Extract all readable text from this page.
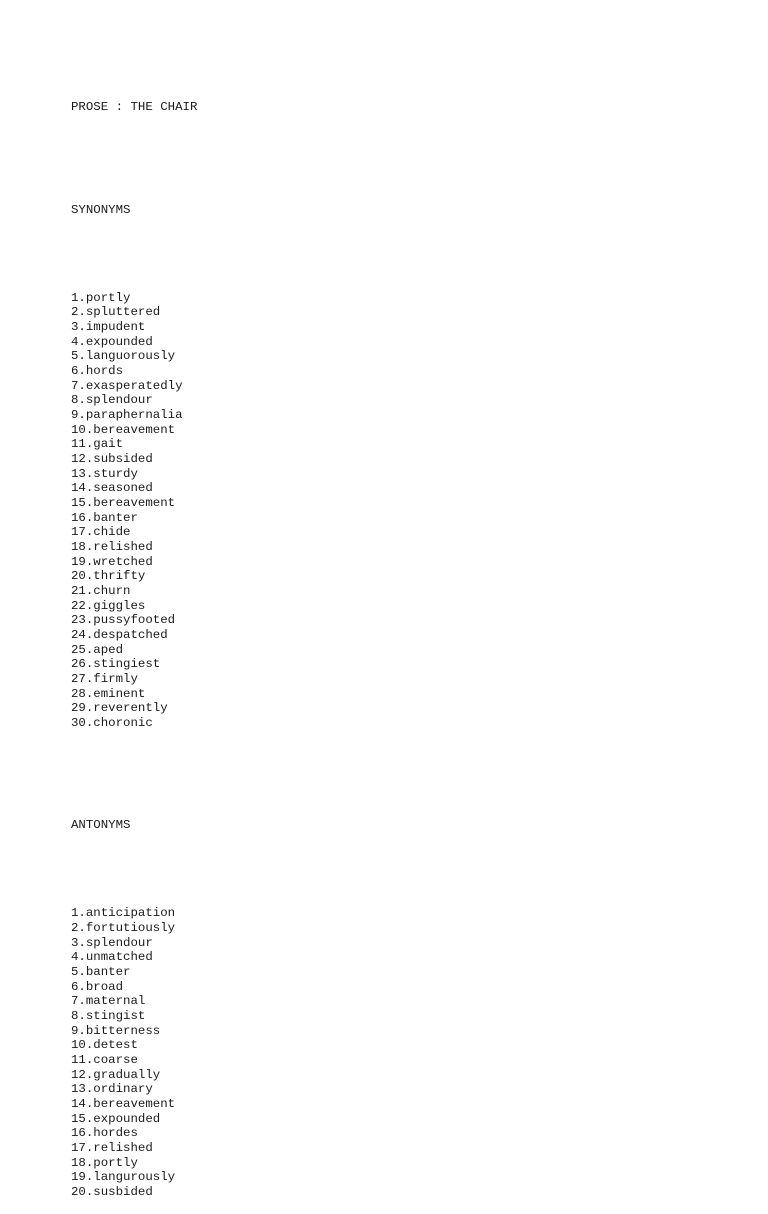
PROSE : THE CHAIR

SYNONYMS

1.portly
2.spluttered
3.impudent
4.expounded
5.languorously
6.hords
7.exasperatedly
8.splendour
9.paraphernalia
10.bereavement
11.gait
12.subsided
13.sturdy
14.seasoned
15.bereavement
16.banter
17.chide
18.relished
19.wretched
20.thrifty
21.churn
22.giggles
23.pussyfooted
24.despatched
25.aped
26.stingiest
27.firmly
28.eminent
29.reverently
30.choronic

ANTONYMS

1.anticipation
2.fortutiously
3.splendour
4.unmatched
5.banter
6.broad
7.maternal
8.stingist
9.bitterness
10.detest
11.coarse
12.gradually
13.ordinary
14.bereavement
15.expounded
16.hordes
17.relished
18.portly
19.langurously
20.susbided
